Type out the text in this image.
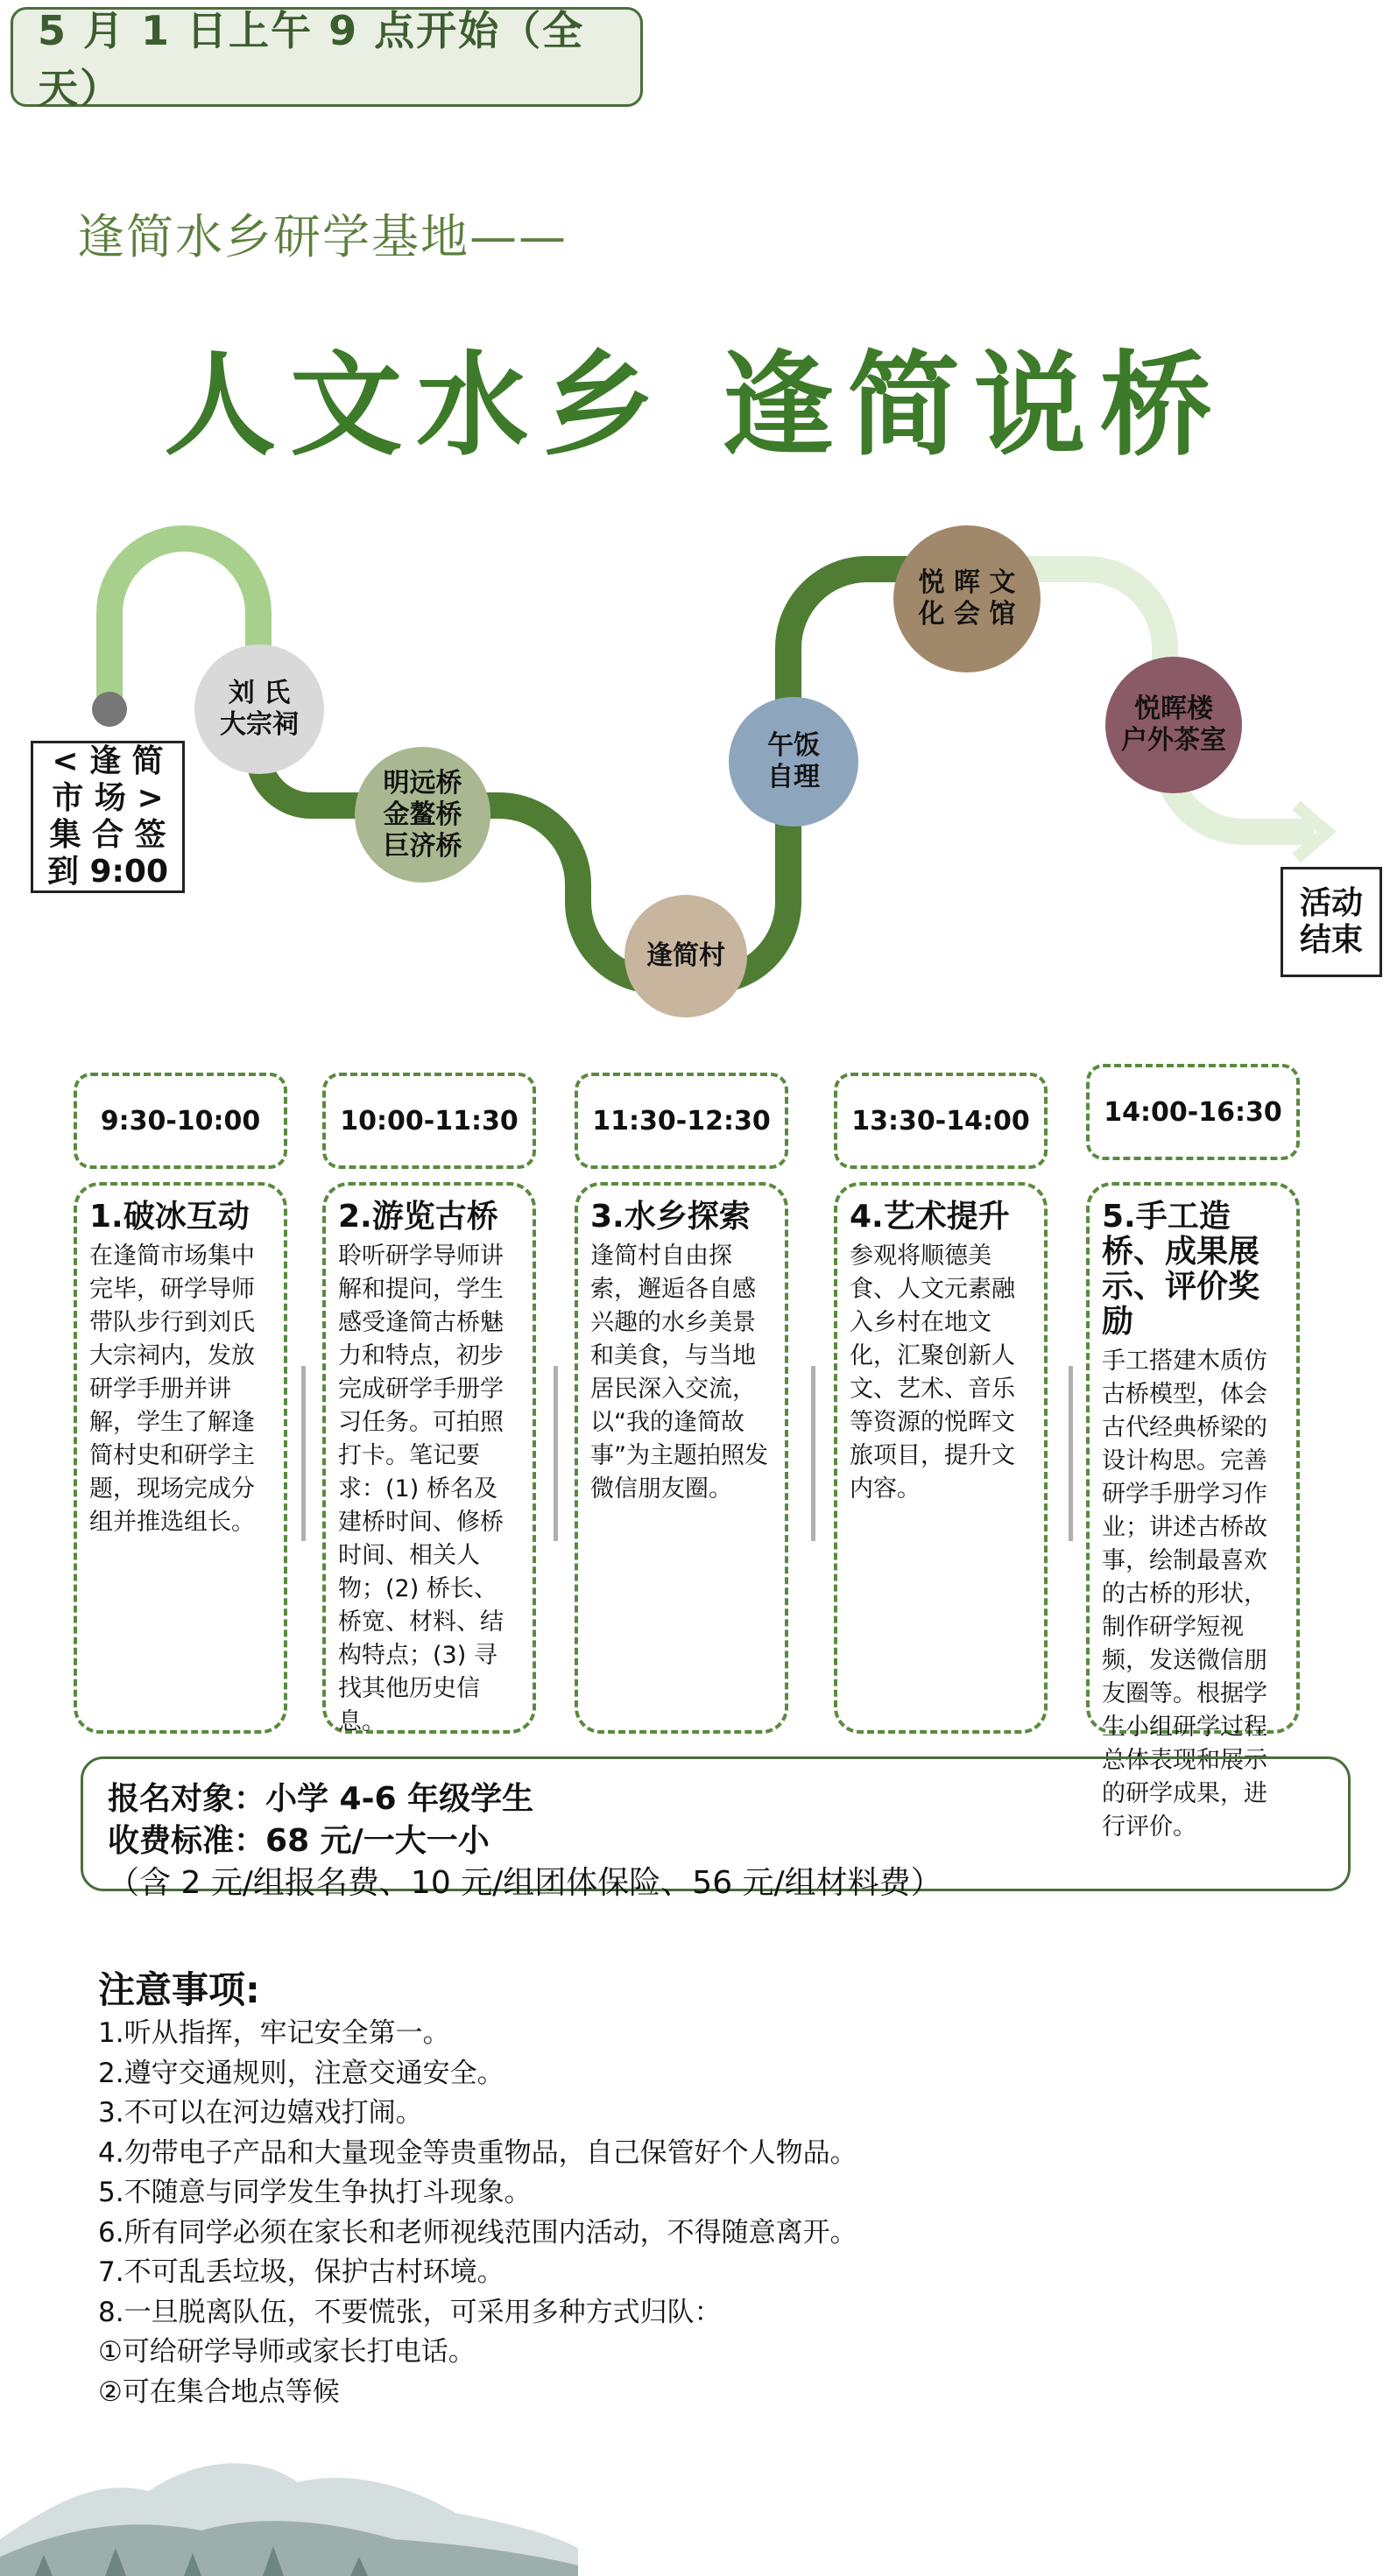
5 月 1 日上午 9 点开始（全天）
逢简水乡研学基地——
人文水乡 逢简说桥
< 逢 简
市 场 >
集 合 签
到 9:00
活动
结束
刘 氏
大宗祠
明远桥
金鳌桥
巨济桥
逢简村
午饭
自理
悦 晖 文
化 会 馆
悦晖楼
户外茶室
9:30-10:00	10:00-11:30	11:30-12:30	13:30-14:00	14:00-16:30
1.破冰互动

在逢简市场集中完毕，研学导师带队步行到刘氏大宗祠内，发放研学手册并讲解，学生了解逢简村史和研学主题，现场完成分组并推选组长。

2.游览古桥

聆听研学导师讲解和提问，学生感受逢简古桥魅力和特点，初步完成研学手册学习任务。可拍照打卡。笔记要求：(1) 桥名及建桥时间、修桥时间、相关人物；(2) 桥长、桥宽、材料、结构特点；(3) 寻找其他历史信息。

3.水乡探索

逢简村自由探索，邂逅各自感兴趣的水乡美景和美食，与当地居民深入交流，以“我的逢简故事”为主题拍照发微信朋友圈。

4.艺术提升

参观将顺德美食、人文元素融入乡村在地文化，汇聚创新人文、艺术、音乐等资源的悦晖文旅项目，提升文内容。

5.手工造桥、成果展示、评价奖励

手工搭建木质仿古桥模型，体会古代经典桥梁的设计构思。完善研学手册学习作业；讲述古桥故事，绘制最喜欢的古桥的形状，制作研学短视频，发送微信朋友圈等。根据学生小组研学过程总体表现和展示的研学成果，进行评价。

报名对象：小学 4-6 年级学生
收费标准：68 元/一大一小（含 2 元/组报名费、10 元/组团体保险、56 元/组材料费）
注意事项:
1.听从指挥，牢记安全第一。
2.遵守交通规则，注意交通安全。
3.不可以在河边嬉戏打闹。
4.勿带电子产品和大量现金等贵重物品，自己保管好个人物品。
5.不随意与同学发生争执打斗现象。
6.所有同学必须在家长和老师视线范围内活动，不得随意离开。
7.不可乱丢垃圾，保护古村环境。
8.一旦脱离队伍，不要慌张，可采用多种方式归队：
①可给研学导师或家长打电话。
②可在集合地点等候
